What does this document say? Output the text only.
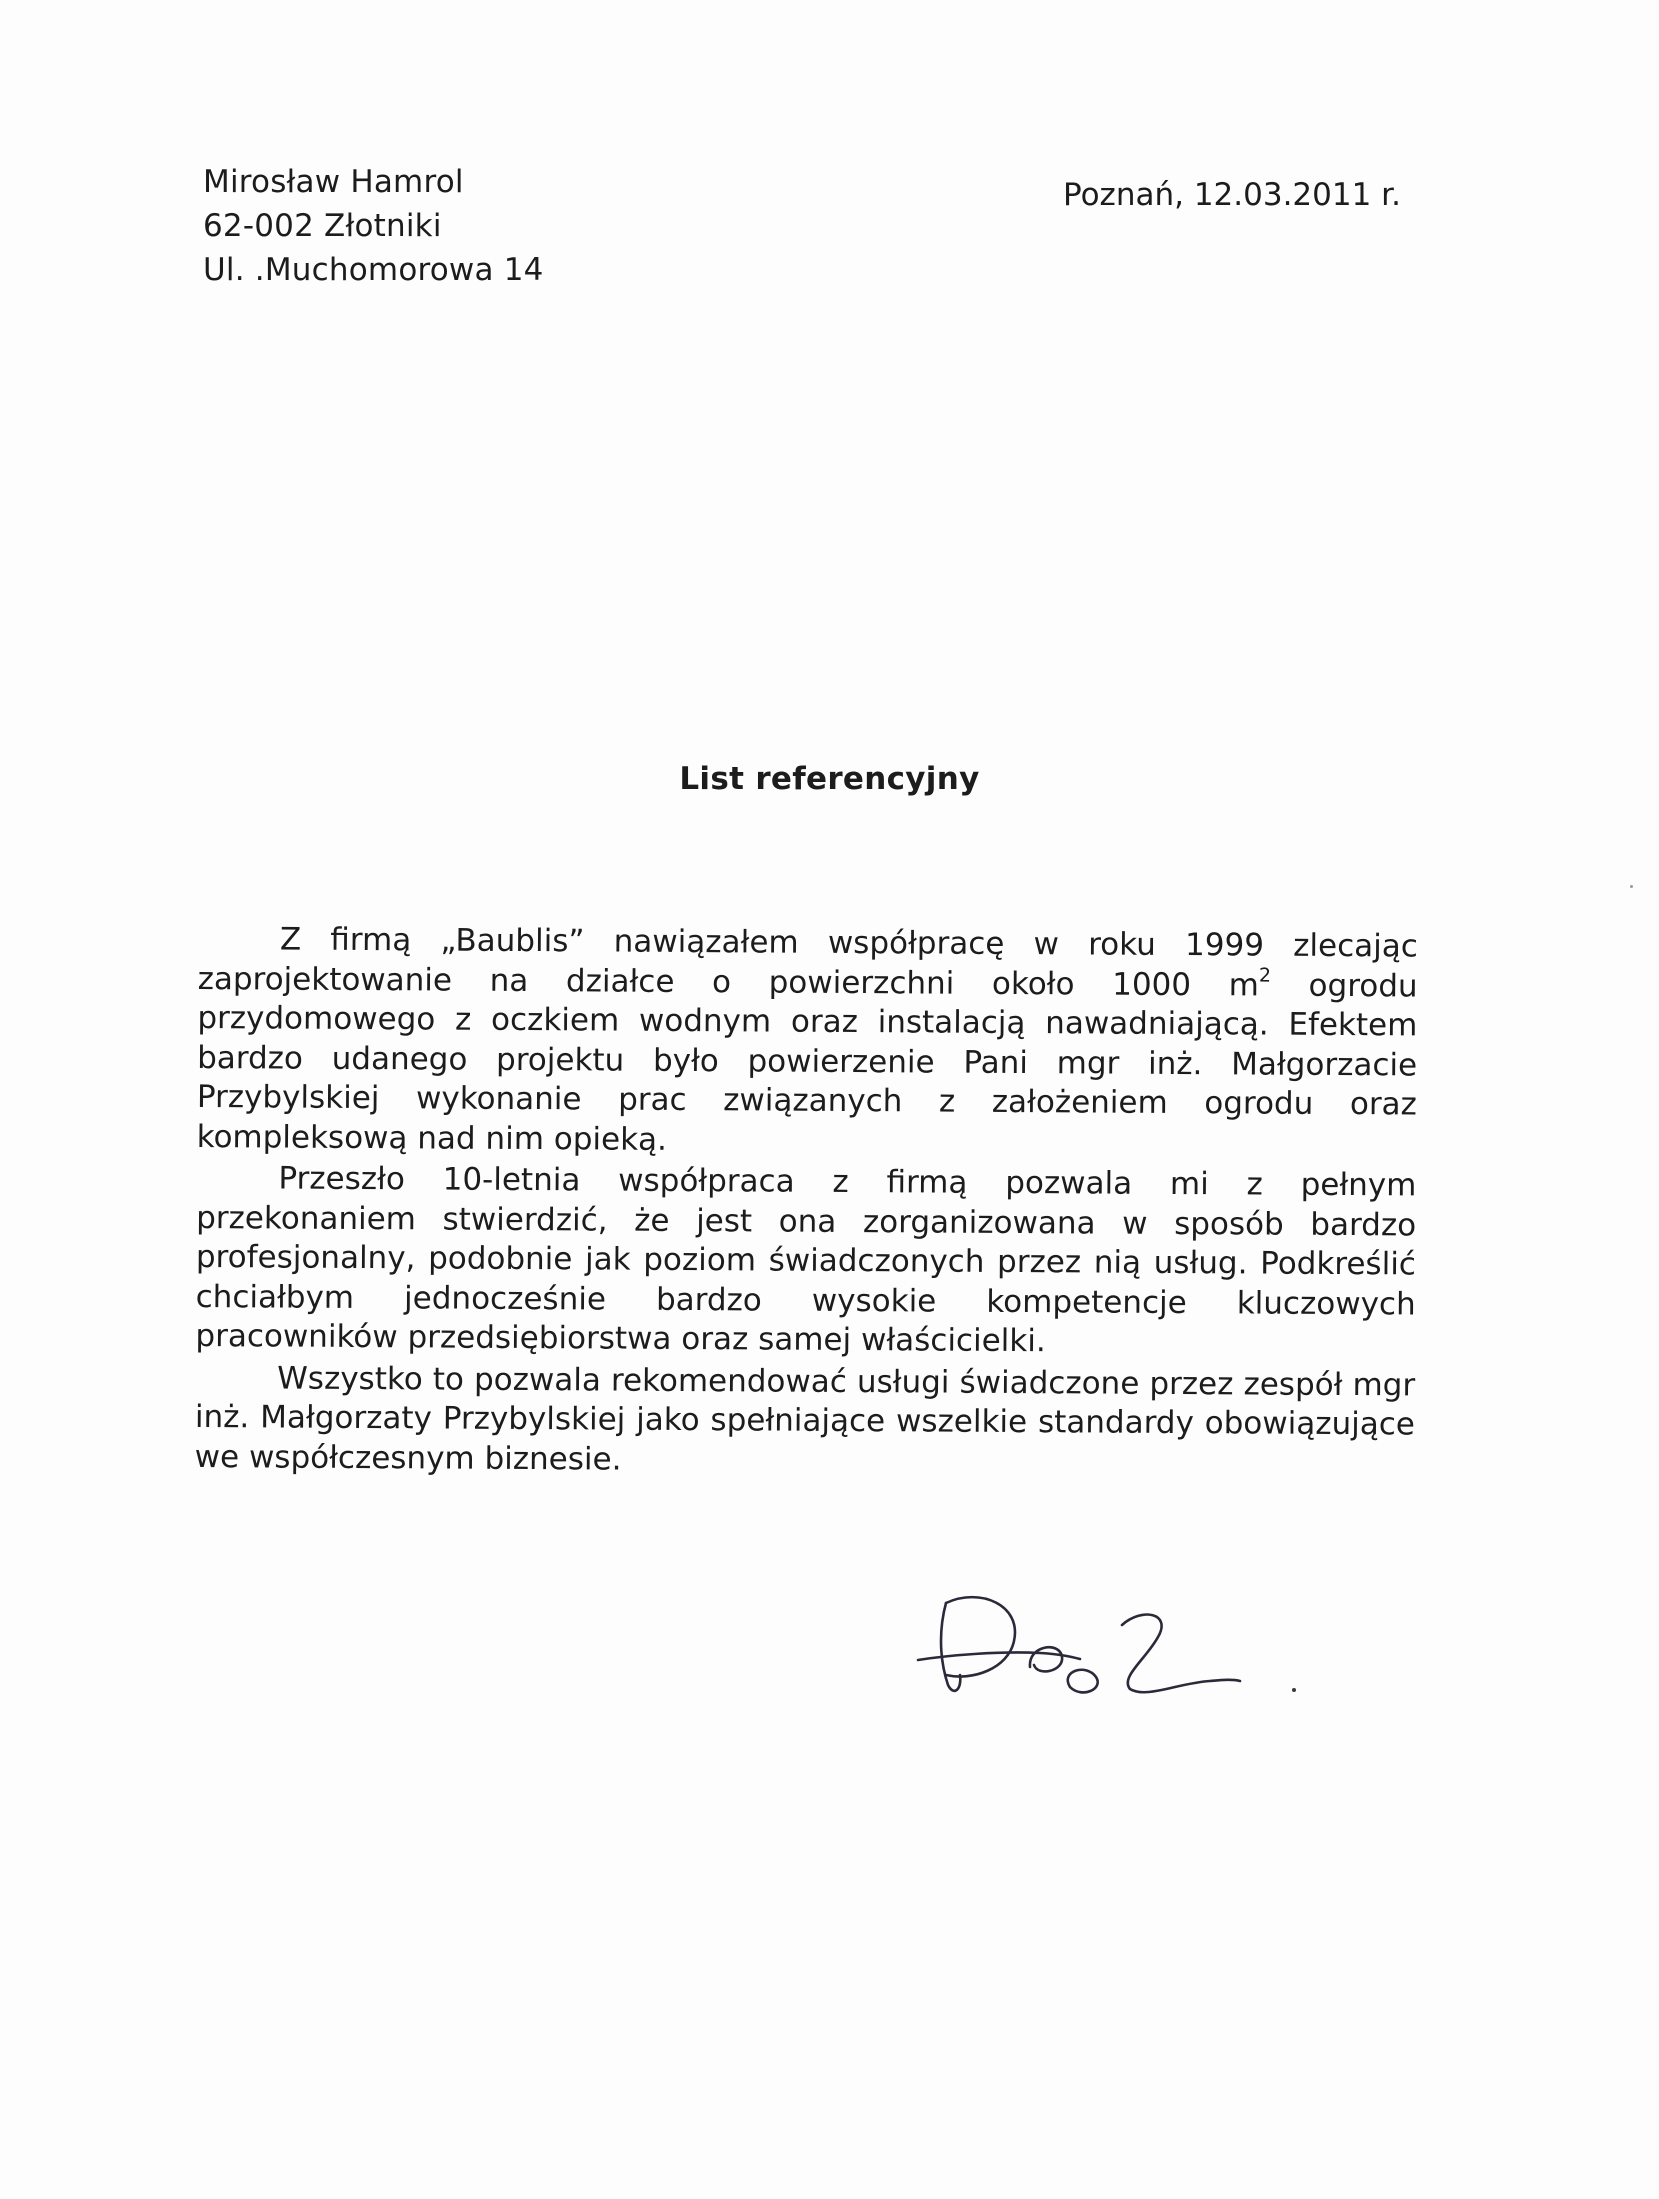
Mirosław Hamrol
62-002 Złotniki
Ul. .Muchomorowa 14
Poznań, 12.03.2011 r.
List referencyjny

Z firmą „Baublis” nawiązałem współpracę w roku 1999 zlecając zaprojektowanie na działce o powierzchni około 1000 $m^2$ ogrodu przydomowego z oczkiem wodnym oraz instalacją nawadniającą. Efektem bardzo udanego projektu było powierzenie Pani mgr inż. Małgorzacie Przybylskiej wykonanie prac związanych z założeniem ogrodu oraz kompleksową nad nim opieką.

Przeszło 10-letnia współpraca z firmą pozwala mi z pełnym przekonaniem stwierdzić, że jest ona zorganizowana w sposób bardzo profesjonalny, podobnie jak poziom świadczonych przez nią usług. Podkreślić chciałbym jednocześnie bardzo wysokie kompetencje kluczowych pracowników przedsiębiorstwa oraz samej właścicielki.

Wszystko to pozwala rekomendować usługi świadczone przez zespół mgr inż. Małgorzaty Przybylskiej jako spełniające wszelkie standardy obowiązujące we współczesnym biznesie.
